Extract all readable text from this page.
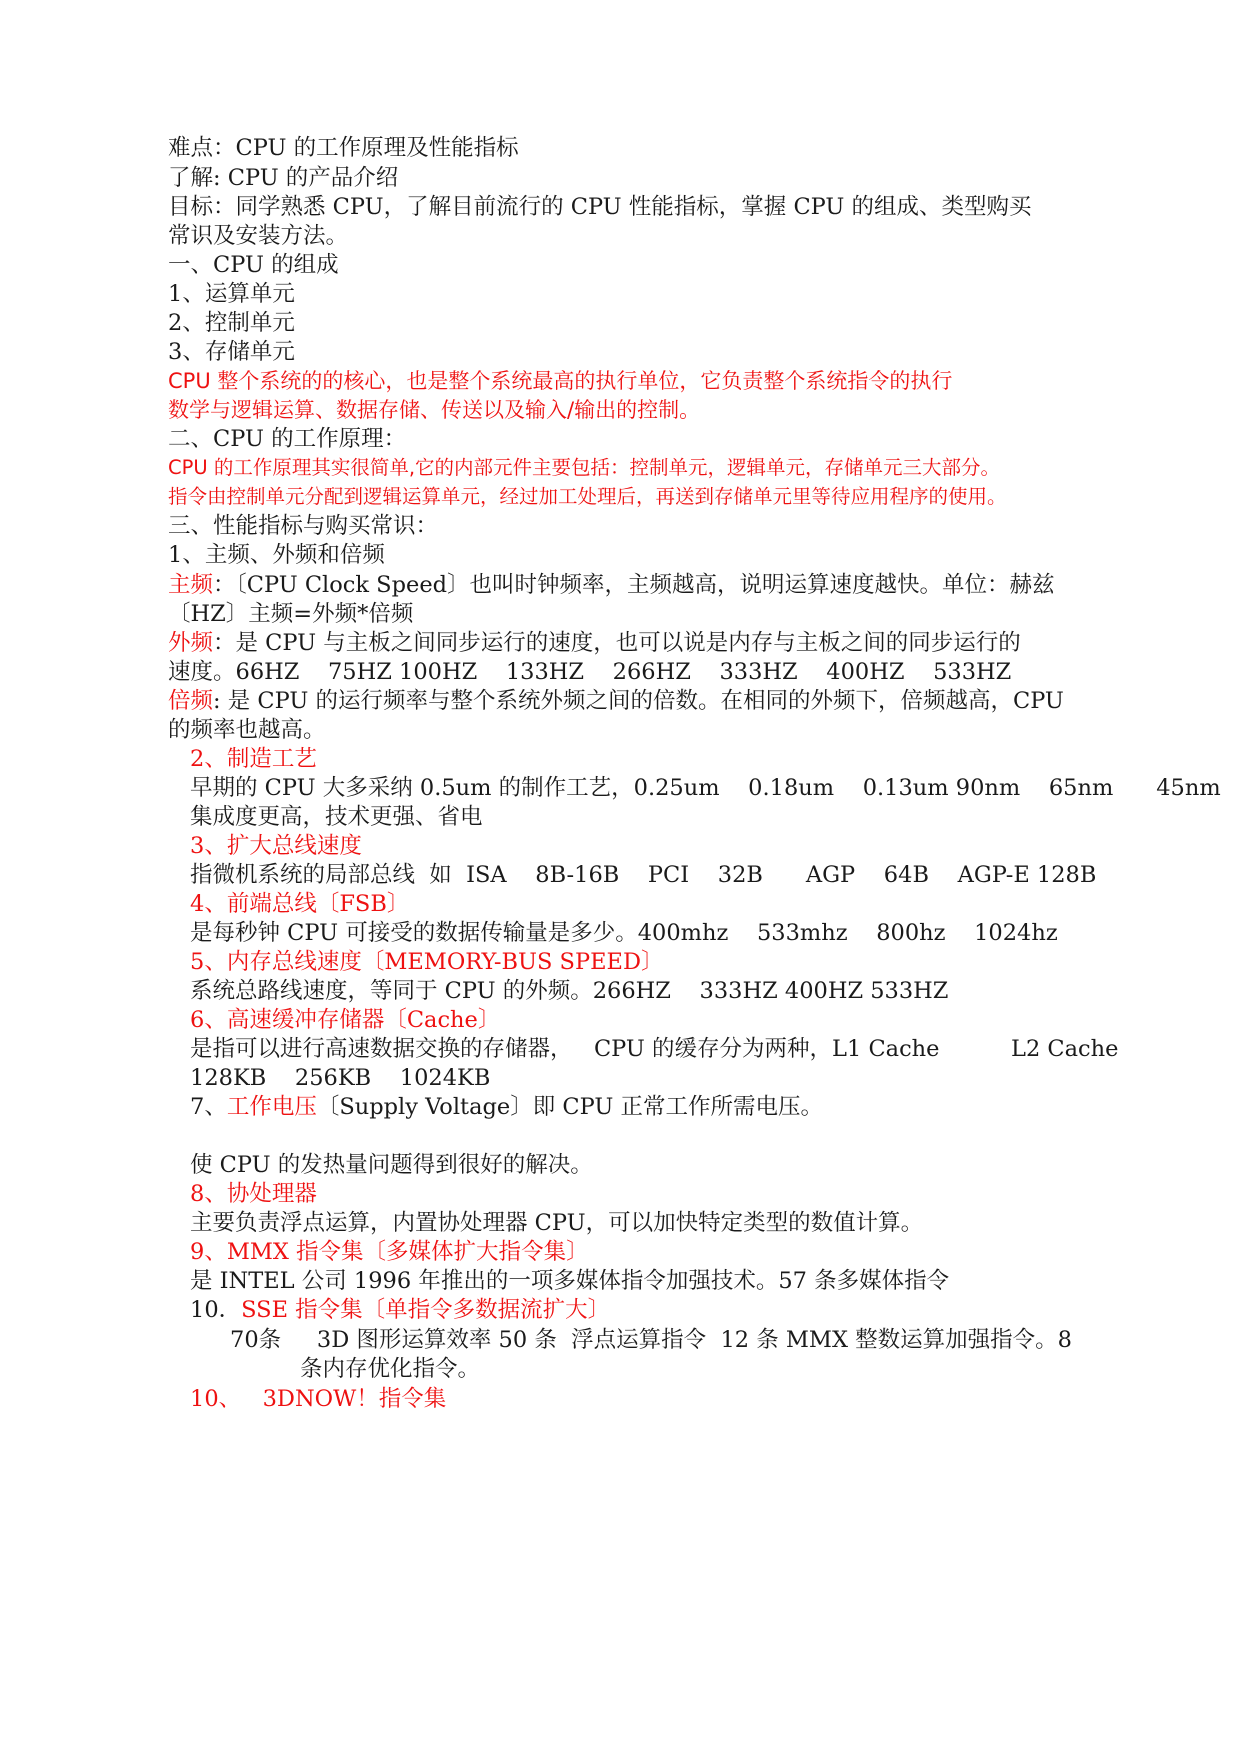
难点：CPU 的工作原理及性能指标
了解: CPU 的产品介绍
目标：同学熟悉 CPU，了解目前流行的 CPU 性能指标，掌握 CPU 的组成、类型购买
常识及安装方法。
一、CPU 的组成
1、运算单元
2、控制单元
3、存储单元
CPU 整个系统的的核心，也是整个系统最高的执行单位，它负责整个系统指令的执行
数学与逻辑运算、数据存储、传送以及输入/输出的控制。
二、CPU 的工作原理：
CPU 的工作原理其实很简单,它的内部元件主要包括：控制单元，逻辑单元，存储单元三大部分。
指令由控制单元分配到逻辑运算单元，经过加工处理后，再送到存储单元里等待应用程序的使用。
三、性能指标与购买常识：
1、主频、外频和倍频
主频：〔CPU Clock Speed〕也叫时钟频率，主频越高，说明运算速度越快。单位：赫兹
〔HZ〕主频=外频*倍频
外频：是 CPU 与主板之间同步运行的速度，也可以说是内存与主板之间的同步运行的
速度。66HZ    75HZ 100HZ    133HZ    266HZ    333HZ    400HZ    533HZ
倍频: 是 CPU 的运行频率与整个系统外频之间的倍数。在相同的外频下，倍频越高，CPU
的频率也越高。
2、制造工艺
早期的 CPU 大多采纳 0.5um 的制作工艺，0.25um    0.18um    0.13um 90nm    65nm      45nm
集成度更高，技术更强、省电
3、扩大总线速度
指微机系统的局部总线  如  ISA    8B-16B    PCI    32B      AGP    64B    AGP-E 128B
4、前端总线〔FSB〕
是每秒钟 CPU 可接受的数据传输量是多少。400mhz    533mhz    800hz    1024hz
5、内存总线速度〔MEMORY-BUS SPEED〕
系统总路线速度，等同于 CPU 的外频。266HZ    333HZ 400HZ 533HZ
6、高速缓冲存储器〔Cache〕
是指可以进行高速数据交换的存储器，   CPU 的缓存分为两种，L1 Cache          L2 Cache
128KB    256KB    1024KB
7、工作电压〔Supply Voltage〕即 CPU 正常工作所需电压。
使 CPU 的发热量问题得到很好的解决。
8、协处理器
主要负责浮点运算，内置协处理器 CPU，可以加快特定类型的数值计算。
9、MMX 指令集〔多媒体扩大指令集〕
是 INTEL 公司 1996 年推出的一项多媒体指令加强技术。57 条多媒体指令
10．SSE 指令集〔单指令多数据流扩大〕
70条     3D 图形运算效率 50 条  浮点运算指令  12 条 MMX 整数运算加强指令。8
条内存优化指令。
10、   3DNOW！指令集
